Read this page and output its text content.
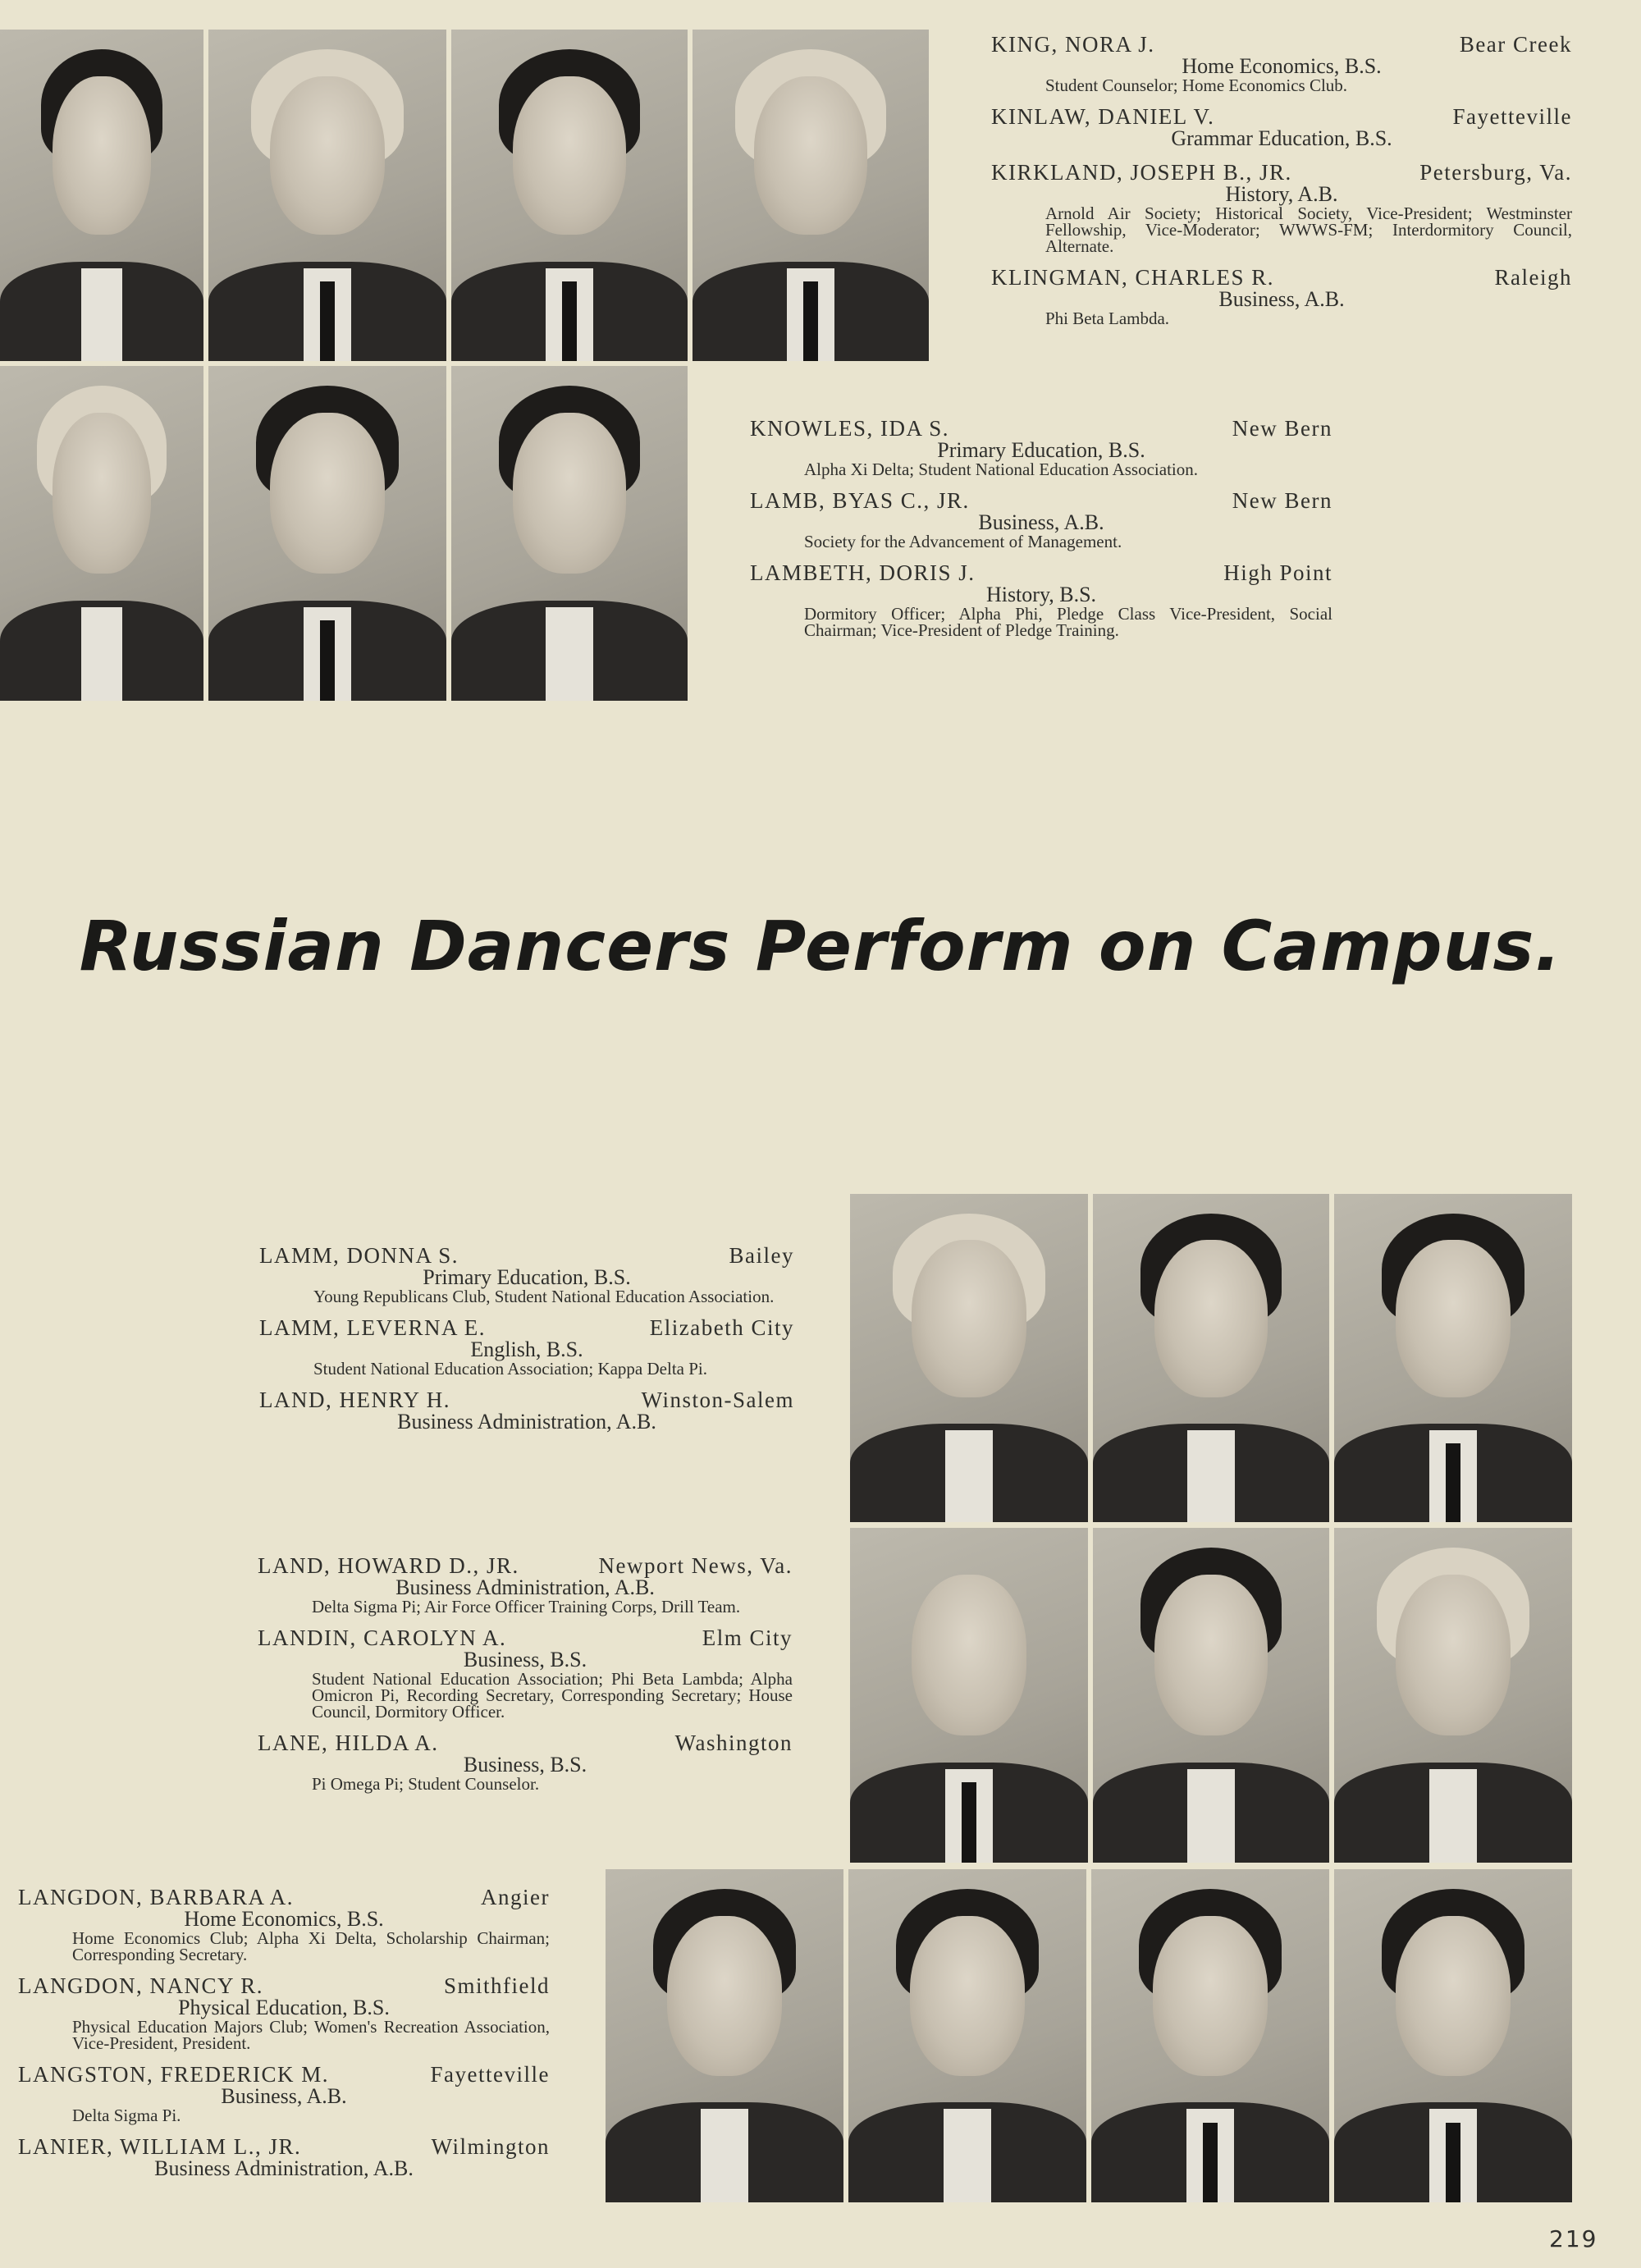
KING, NORA J.	Bear Creek
Home Economics, B.S.
Student Counselor; Home Economics Club.
KINLAW, DANIEL V.	Fayetteville
Grammar Education, B.S.
KIRKLAND, JOSEPH B., JR.	Petersburg, Va.
History, A.B.
Arnold Air Society; Historical Society, Vice-President; Westminster Fellowship, Vice-Moderator; WWWS-FM; Interdormitory Council, Alternate.
KLINGMAN, CHARLES R.	Raleigh
Business, A.B.
Phi Beta Lambda.
KNOWLES, IDA S.	New Bern
Primary Education, B.S.
Alpha Xi Delta; Student National Education Association.
LAMB, BYAS C., JR.	New Bern
Business, A.B.
Society for the Advancement of Management.
LAMBETH, DORIS J.	High Point
History, B.S.
Dormitory Officer; Alpha Phi, Pledge Class Vice-President, Social Chairman; Vice-President of Pledge Training.
Russian Dancers Perform on Campus.
LAMM, DONNA S.	Bailey
Primary Education, B.S.
Young Republicans Club, Student National Education Association.
LAMM, LEVERNA E.	Elizabeth City
English, B.S.
Student National Education Association; Kappa Delta Pi.
LAND, HENRY H.	Winston-Salem
Business Administration, A.B.
LAND, HOWARD D., JR.	Newport News, Va.
Business Administration, A.B.
Delta Sigma Pi; Air Force Officer Training Corps, Drill Team.
LANDIN, CAROLYN A.	Elm City
Business, B.S.
Student National Education Association; Phi Beta Lambda; Alpha Omicron Pi, Recording Secretary, Corresponding Secretary; House Council, Dormitory Officer.
LANE, HILDA A.	Washington
Business, B.S.
Pi Omega Pi; Student Counselor.
LANGDON, BARBARA A.	Angier
Home Economics, B.S.
Home Economics Club; Alpha Xi Delta, Scholarship Chairman; Corresponding Secretary.
LANGDON, NANCY R.	Smithfield
Physical Education, B.S.
Physical Education Majors Club; Women's Recreation Association, Vice-President, President.
LANGSTON, FREDERICK M.	Fayetteville
Business, A.B.
Delta Sigma Pi.
LANIER, WILLIAM L., JR.	Wilmington
Business Administration, A.B.
219
